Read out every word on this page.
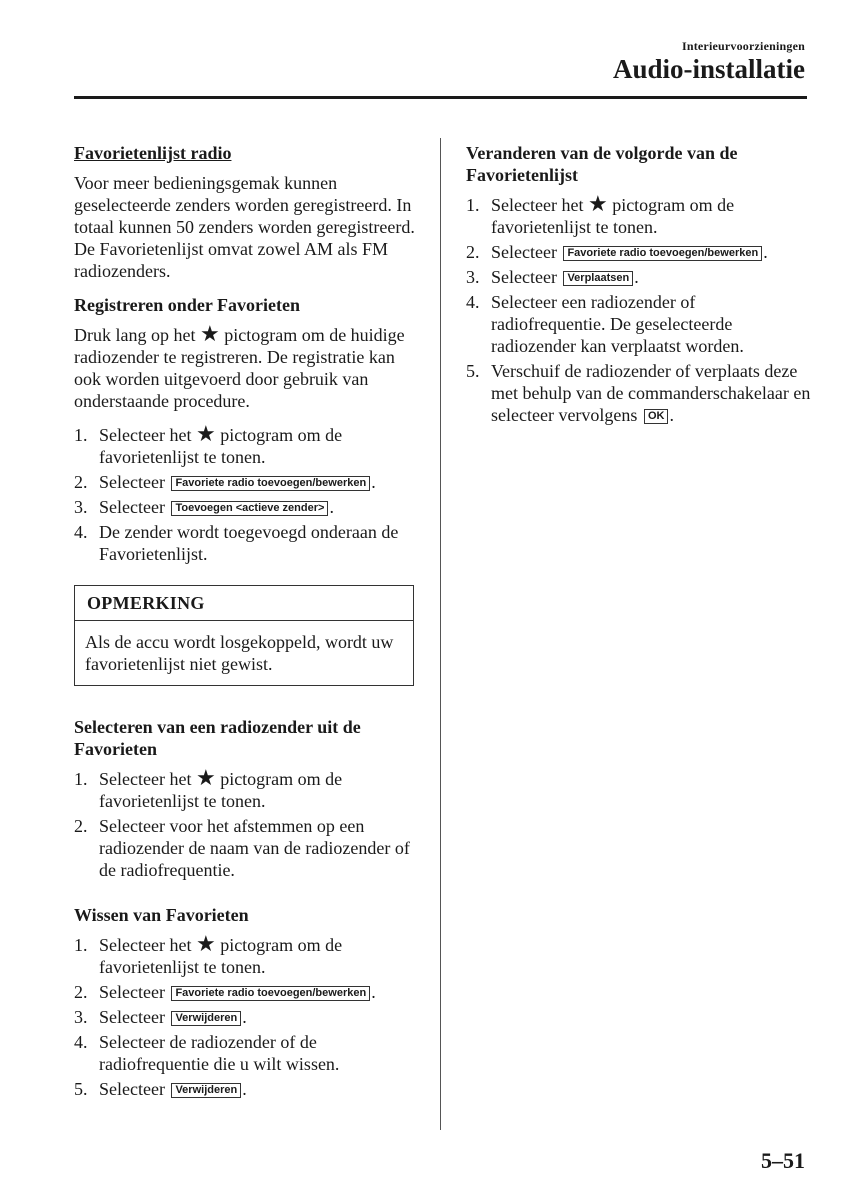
Interieurvoorzieningen
Audio-installatie
Favorietenlijst radio

Voor meer bedieningsgemak kunnen geselecteerde zenders worden geregistreerd. In totaal kunnen 50 zenders worden geregistreerd. De Favorietenlijst omvat zowel AM als FM radiozenders.

Registreren onder Favorieten

Druk lang op het ★ pictogram om de huidige radiozender te registreren. De registratie kan ook worden uitgevoerd door gebruik van onderstaande procedure.

1. Selecteer het ★ pictogram om de favorietenlijst te tonen.
2. Selecteer Favoriete radio toevoegen/bewerken .
3. Selecteer Toevoegen <actieve zender> .
4. De zender wordt toegevoegd onderaan de Favorietenlijst.
OPMERKING
Als de accu wordt losgekoppeld, wordt uw favorietenlijst niet gewist.
Selecteren van een radiozender uit de Favorieten
1. Selecteer het ★ pictogram om de favorietenlijst te tonen.
2. Selecteer voor het afstemmen op een radiozender de naam van de radiozender of de radiofrequentie.
Wissen van Favorieten
1. Selecteer het ★ pictogram om de favorietenlijst te tonen.
2. Selecteer Favoriete radio toevoegen/bewerken .
3. Selecteer Verwijderen .
4. Selecteer de radiozender of de radiofrequentie die u wilt wissen.
5. Selecteer Verwijderen .
Veranderen van de volgorde van de Favorietenlijst
1. Selecteer het ★ pictogram om de favorietenlijst te tonen.
2. Selecteer Favoriete radio toevoegen/bewerken .
3. Selecteer Verplaatsen .
4. Selecteer een radiozender of radiofrequentie. De geselecteerde radiozender kan verplaatst worden.
5. Verschuif de radiozender of verplaats deze met behulp van de commanderschakelaar en selecteer vervolgens OK .
5–51
